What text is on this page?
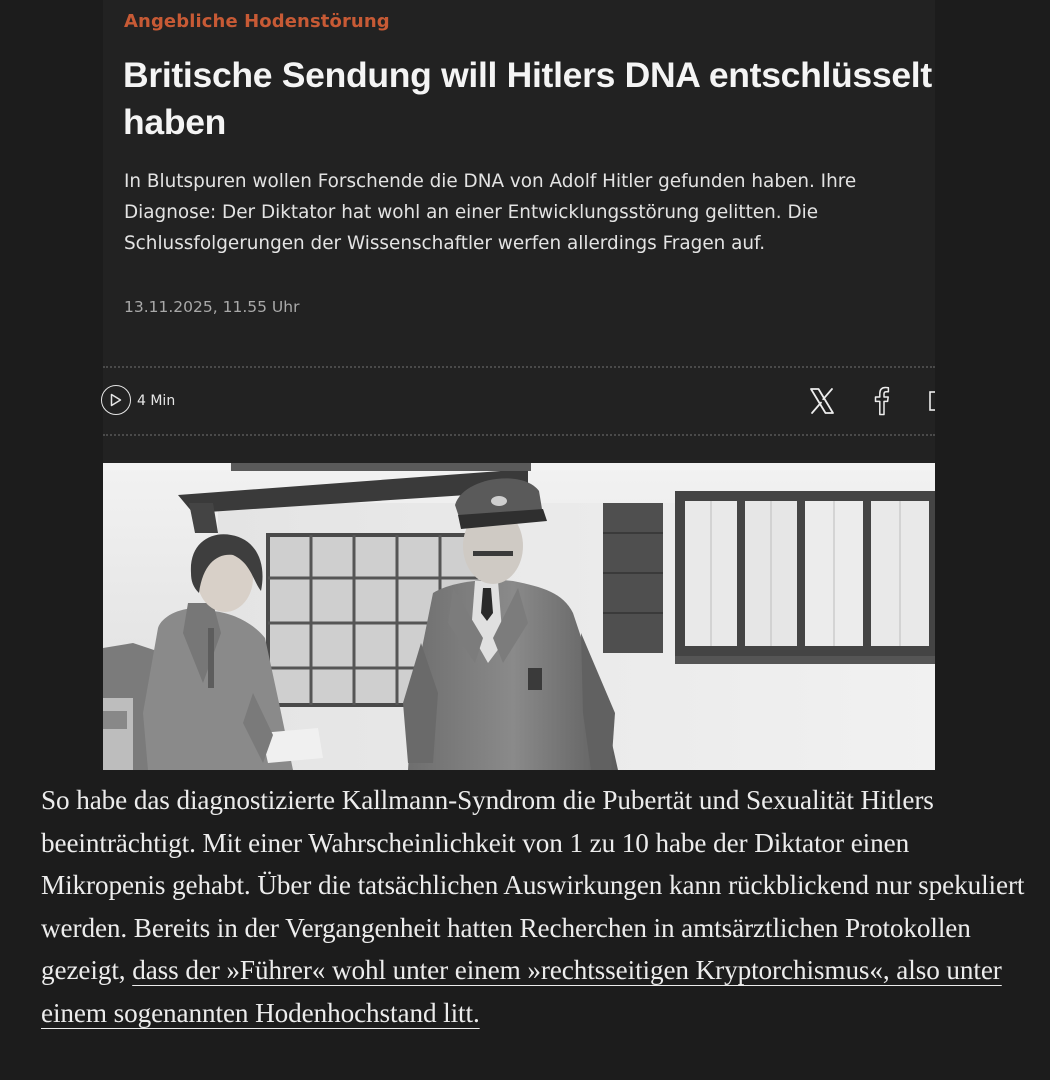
Angebliche Hodenstörung
Britische Sendung will Hitlers DNA entschlüsselt haben

In Blutspuren wollen Forschende die DNA von Adolf Hitler gefunden haben. Ihre Diagnose: Der Diktator hat wohl an einer Entwicklungsstörung gelitten. Die Schlussfolgerungen der Wissenschaftler werfen allerdings Fragen auf.

13.11.2025, 11.55 Uhr
4 Min

So habe das diagnostizierte Kallmann-Syndrom die Pubertät und Sexualität Hitlers beeinträchtigt. Mit einer Wahrscheinlichkeit von 1 zu 10 habe der Diktator einen Mikropenis gehabt. Über die tatsächlichen Auswirkungen kann rückblickend nur spekuliert werden. Bereits in der Vergangenheit hatten Recherchen in amtsärztlichen Protokollen gezeigt, dass der »Führer« wohl unter einem »rechtsseitigen Kryptorchismus«, also unter einem sogenannten Hodenhochstand litt.
